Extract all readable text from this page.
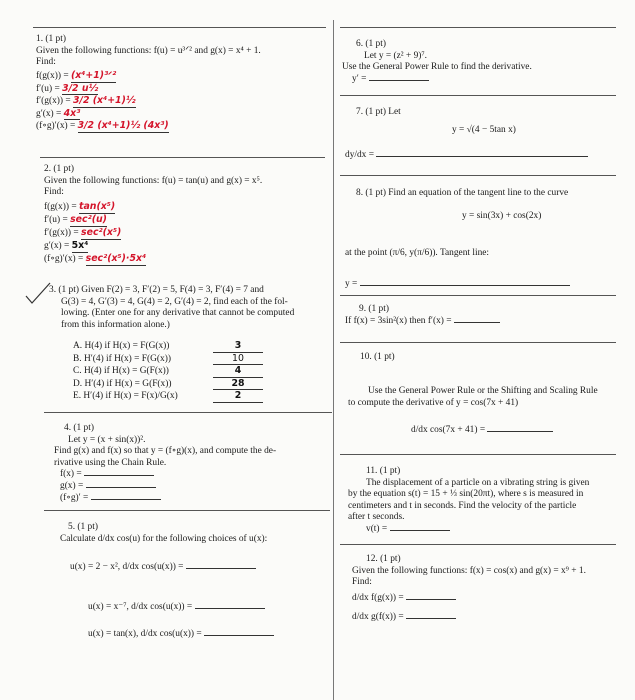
1. (1 pt)
Given the following functions: f(u) = u³ᐟ² and g(x) = x⁴ + 1.
Find:
f(g(x)) = (x⁴+1)³ᐟ²
f′(u) = 3/2 u½
f′(g(x)) = 3/2 (x⁴+1)½
g′(x) = 4x³
(f∘g)′(x) = 3/2 (x⁴+1)½ (4x³)
2. (1 pt)
Given the following functions: f(u) = tan(u) and g(x) = x⁵.
Find:
f(g(x)) = tan(x⁵)
f′(u) = sec²(u)
f′(g(x)) = sec²(x⁵)
g′(x) = 5x⁴
(f∘g)′(x) = sec²(x⁵)·5x⁴
3. (1 pt) Given F(2) = 3, F′(2) = 5, F(4) = 3, F′(4) = 7 and
G(3) = 4, G′(3) = 4, G(4) = 2, G′(4) = 2, find each of the fol-
lowing. (Enter one for any derivative that cannot be computed
from this information alone.)
A. H(4) if H(x) = F(G(x))	3
B. H′(4) if H(x) = F(G(x))	10
C. H(4) if H(x) = G(F(x))	4
D. H′(4) if H(x) = G(F(x))	28
E. H′(4) if H(x) = F(x)/G(x)	2
4. (1 pt)
Let y = (x + sin(x))².
Find g(x) and f(x) so that y = (f∘g)(x), and compute the de-
rivative using the Chain Rule.
f(x) =
g(x) =
(f∘g)′ =
5. (1 pt)
Calculate d/dx cos(u) for the following choices of u(x):
u(x) = 2 − x², d/dx cos(u(x)) =
u(x) = x⁻⁷, d/dx cos(u(x)) =
u(x) = tan(x), d/dx cos(u(x)) =
6. (1 pt)
Let y = (z² + 9)⁷.
Use the General Power Rule to find the derivative.
y′ =
7. (1 pt) Let
y = √(4 − 5tan x)
dy/dx =
8. (1 pt) Find an equation of the tangent line to the curve
y = sin(3x) + cos(2x)
at the point (π/6, y(π/6)). Tangent line:
y =
9. (1 pt)
If f(x) = 3sin²(x) then f′(x) =
10. (1 pt)
Use the General Power Rule or the Shifting and Scaling Rule
to compute the derivative of y = cos(7x + 41)
d/dx cos(7x + 41) =
11. (1 pt)
The displacement of a particle on a vibrating string is given
by the equation s(t) = 15 + ⅓ sin(20πt), where s is measured in
centimeters and t in seconds. Find the velocity of the particle
after t seconds.
v(t) =
12. (1 pt)
Given the following functions: f(x) = cos(x) and g(x) = x⁹ + 1.
Find:
d/dx f(g(x)) =
d/dx g(f(x)) =
